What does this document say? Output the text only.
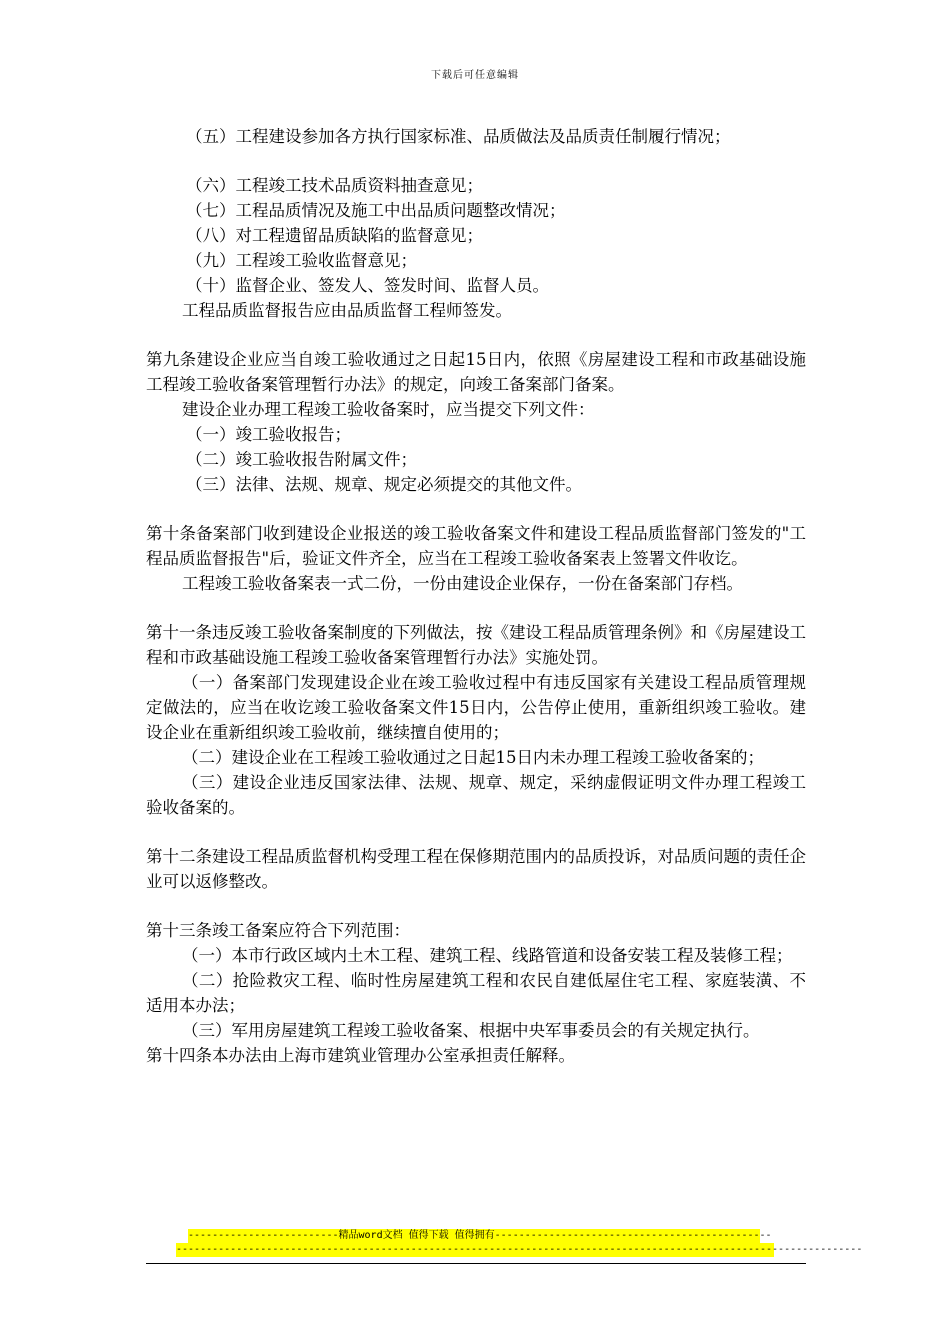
下载后可任意编辑
（五）工程建设参加各方执行国家标准、品质做法及品质责任制履行情况；
（六）工程竣工技术品质资料抽查意见；
（七）工程品质情况及施工中出品质问题整改情况；
（八）对工程遗留品质缺陷的监督意见；
（九）工程竣工验收监督意见；
（十）监督企业、签发人、签发时间、监督人员。
工程品质监督报告应由品质监督工程师签发。
第九条建设企业应当自竣工验收通过之日起15日内，依照《房屋建设工程和市政基础设施工程竣工验收备案管理暂行办法》的规定，向竣工备案部门备案。
建设企业办理工程竣工验收备案时，应当提交下列文件：
（一）竣工验收报告；
（二）竣工验收报告附属文件；
（三）法律、法规、规章、规定必须提交的其他文件。
第十条备案部门收到建设企业报送的竣工验收备案文件和建设工程品质监督部门签发的"工程品质监督报告"后，验证文件齐全，应当在工程竣工验收备案表上签署文件收讫。
工程竣工验收备案表一式二份，一份由建设企业保存，一份在备案部门存档。
第十一条违反竣工验收备案制度的下列做法，按《建设工程品质管理条例》和《房屋建设工程和市政基础设施工程竣工验收备案管理暂行办法》实施处罚。
（一）备案部门发现建设企业在竣工验收过程中有违反国家有关建设工程品质管理规定做法的，应当在收讫竣工验收备案文件15日内，公告停止使用，重新组织竣工验收。建设企业在重新组织竣工验收前，继续擅自使用的；
（二）建设企业在工程竣工验收通过之日起15日内未办理工程竣工验收备案的；
（三）建设企业违反国家法律、法规、规章、规定，采纳虚假证明文件办理工程竣工验收备案的。
第十二条建设工程品质监督机构受理工程在保修期范围内的品质投诉，对品质问题的责任企业可以返修整改。
第十三条竣工备案应符合下列范围：
（一）本市行政区域内土木工程、建筑工程、线路管道和设备安装工程及装修工程；
（二）抢险救灾工程、临时性房屋建筑工程和农民自建低屋住宅工程、家庭装潢、不适用本办法；
（三）军用房屋建筑工程竣工验收备案、根据中央军事委员会的有关规定执行。
第十四条本办法由上海市建筑业管理办公室承担责任解释。
-------------------------精品word文档 值得下载 值得拥有----------------------------------------------
------------------------------------------------------------------------------------------------------------------
